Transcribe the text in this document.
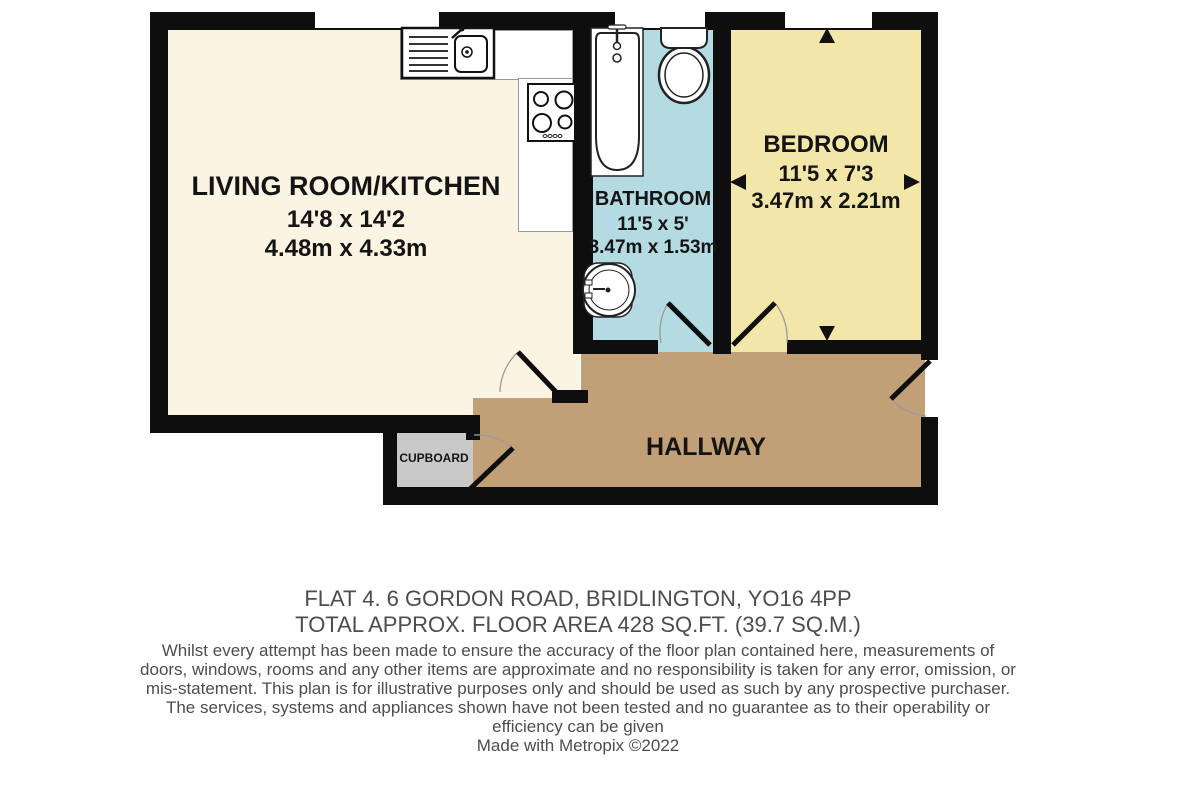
LIVING ROOM/KITCHEN
14'8 x 14'2
4.48m x 4.33m
BATHROOM
11'5 x 5'
3.47m x 1.53m
BEDROOM
11'5 x 7'3
3.47m x 2.21m
HALLWAY
CUPBOARD
FLAT 4. 6 GORDON ROAD, BRIDLINGTON, YO16 4PP
TOTAL APPROX. FLOOR AREA 428 SQ.FT. (39.7 SQ.M.)
Whilst every attempt has been made to ensure the accuracy of the floor plan contained here, measurements of doors, windows, rooms and any other items are approximate and no responsibility is taken for any error, omission, or mis-statement. This plan is for illustrative purposes only and should be used as such by any prospective purchaser. The services, systems and appliances shown have not been tested and no guarantee as to their operability or efficiency can be given
Made with Metropix ©2022
